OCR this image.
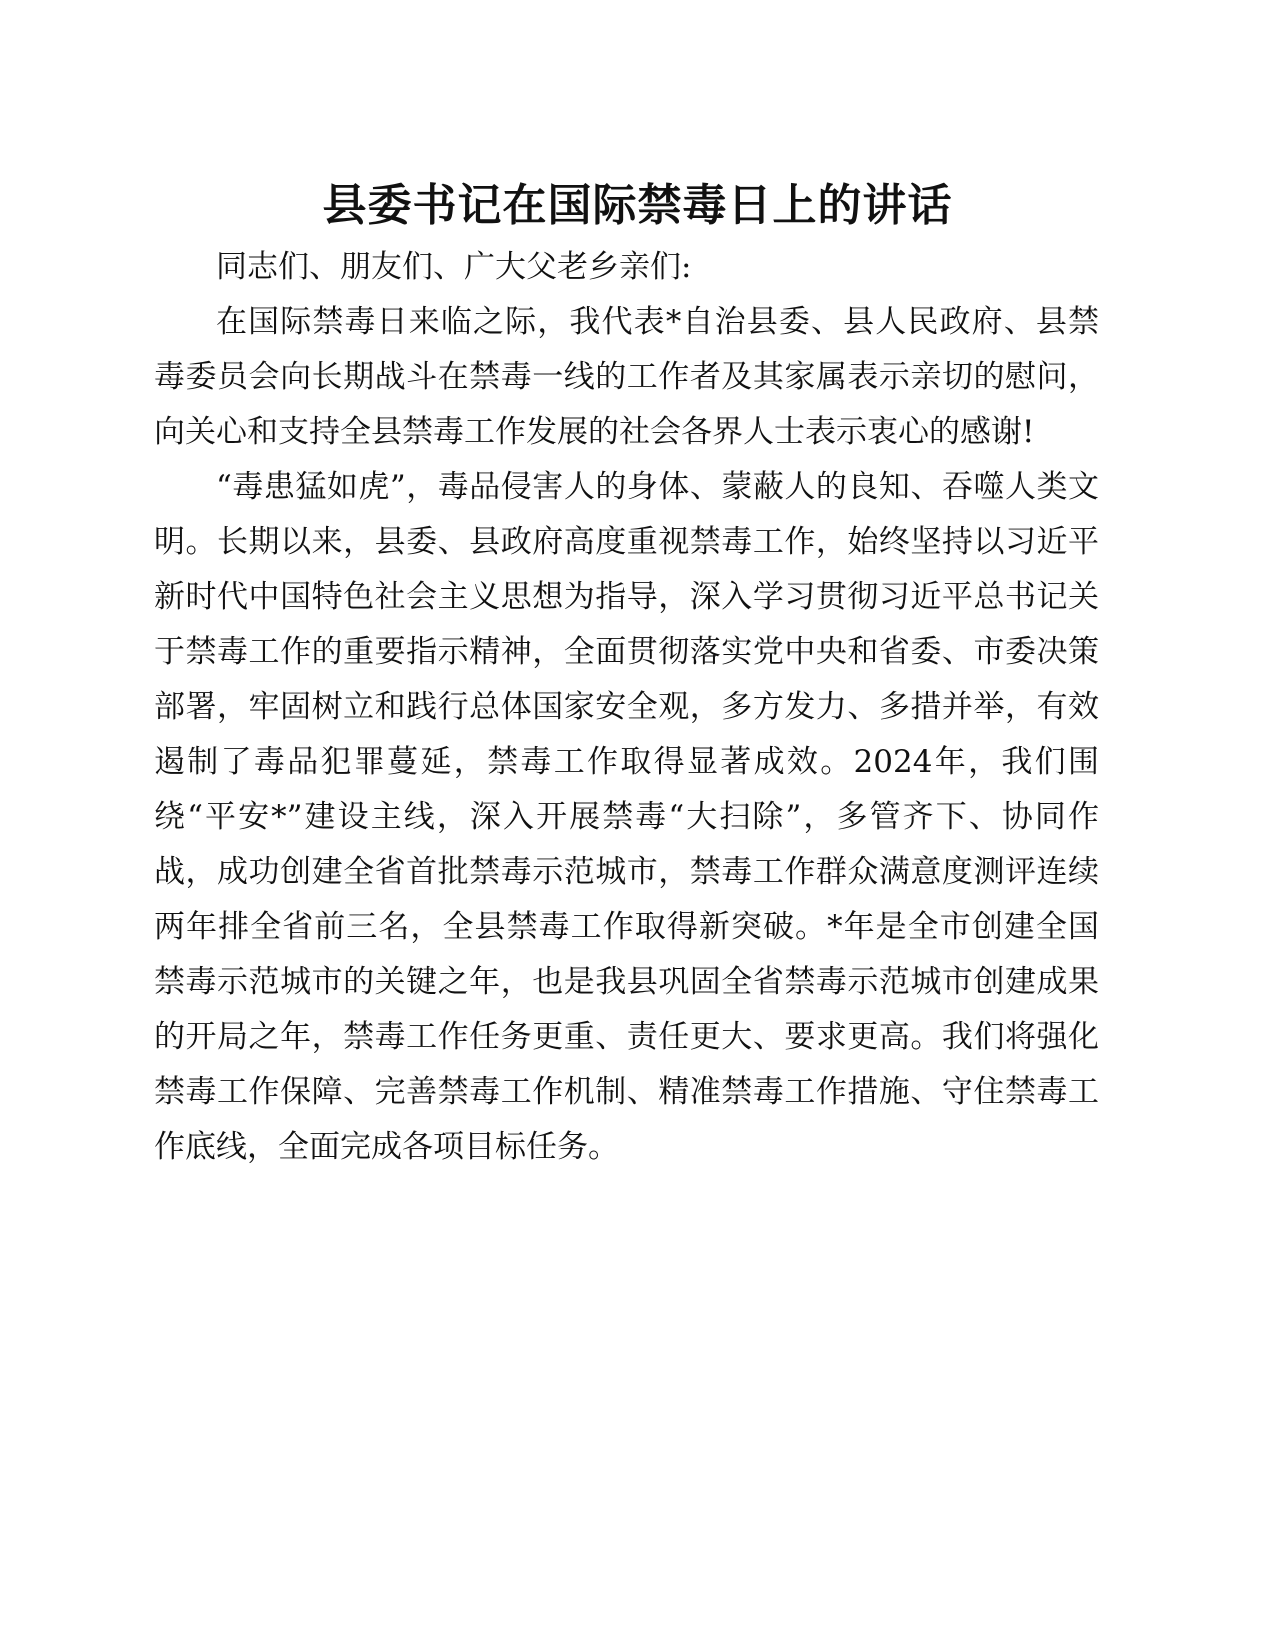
县委书记在国际禁毒日上的讲话

同志们、朋友们、广大父老乡亲们:

在国际禁毒日来临之际，我代表*自治县委、县人民政府、县禁毒委员会向长期战斗在禁毒一线的工作者及其家属表示亲切的慰问，向关心和支持全县禁毒工作发展的社会各界人士表示衷心的感谢!

“毒患猛如虎”，毒品侵害人的身体、蒙蔽人的良知、吞噬人类文明。长期以来，县委、县政府高度重视禁毒工作，始终坚持以习近平新时代中国特色社会主义思想为指导，深入学习贯彻习近平总书记关于禁毒工作的重要指示精神，全面贯彻落实党中央和省委、市委决策部署，牢固树立和践行总体国家安全观，多方发力、多措并举，有效遏制了毒品犯罪蔓延，禁毒工作取得显著成效。2024年，我们围绕“平安*”建设主线，深入开展禁毒“大扫除”，多管齐下、协同作战，成功创建全省首批禁毒示范城市，禁毒工作群众满意度测评连续两年排全省前三名，全县禁毒工作取得新突破。*年是全市创建全国禁毒示范城市的关键之年，也是我县巩固全省禁毒示范城市创建成果的开局之年，禁毒工作任务更重、责任更大、要求更高。我们将强化禁毒工作保障、完善禁毒工作机制、精准禁毒工作措施、守住禁毒工作底线，全面完成各项目标任务。
